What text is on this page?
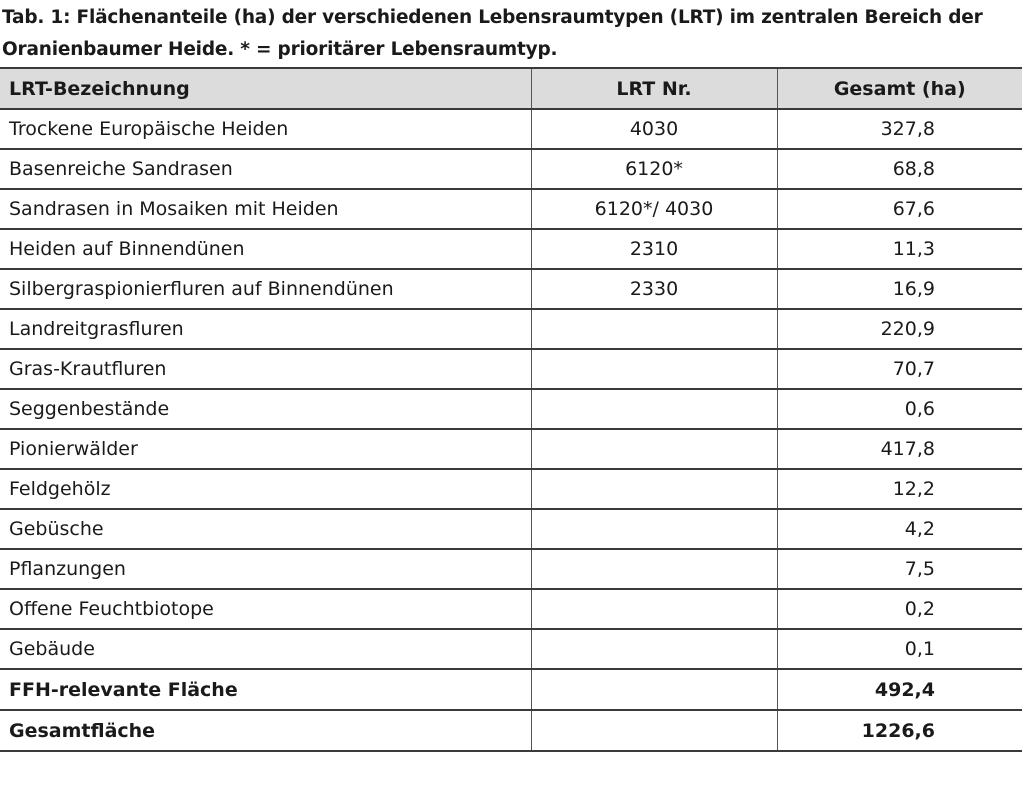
Tab. 1: Flächenanteile (ha) der verschiedenen Lebensraumtypen (LRT) im zentralen Bereich der Oranienbaumer Heide. * = prioritärer Lebensraumtyp.
LRT-Bezeichnung	LRT Nr.	Gesamt (ha)
Trockene Europäische Heiden	4030	327,8
Basenreiche Sandrasen	6120*	68,8
Sandrasen in Mosaiken mit Heiden	6120*/ 4030	67,6
Heiden auf Binnendünen	2310	11,3
Silbergraspionierfluren auf Binnendünen	2330	16,9
Landreitgrasfluren		220,9
Gras-Krautfluren		70,7
Seggenbestände		0,6
Pionierwälder		417,8
Feldgehölz		12,2
Gebüsche		4,2
Pflanzungen		7,5
Offene Feuchtbiotope		0,2
Gebäude		0,1
FFH-relevante Fläche		492,4
Gesamtfläche		1226,6
